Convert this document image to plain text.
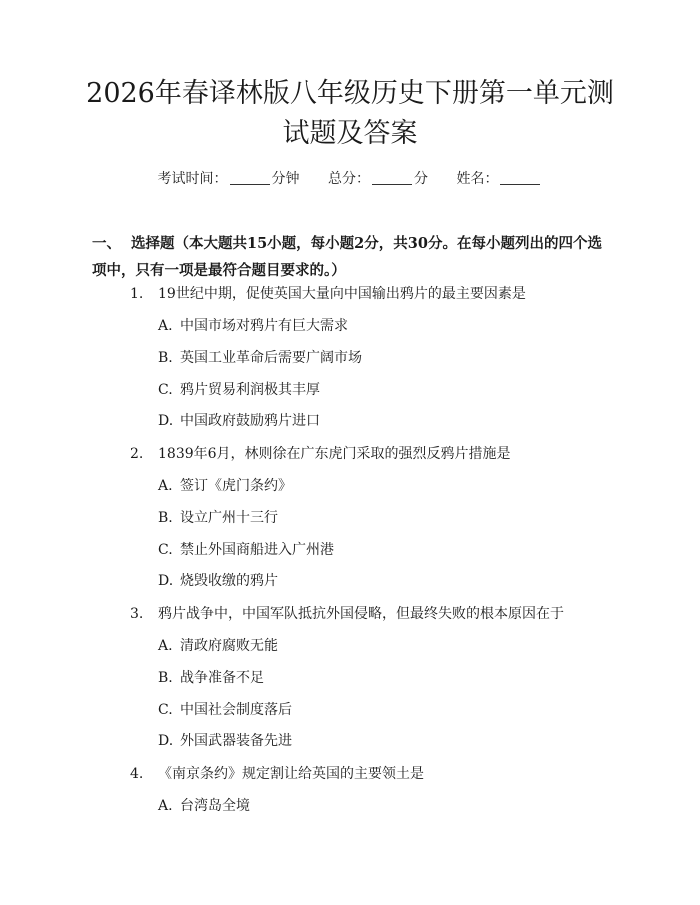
2026年春译林版八年级历史下册第一单元测
试题及答案
考试时间：	分钟 总分：	分 姓名：
一、 选择题（本大题共15小题，每小题2分，共30分。在每小题列出的四个选项中，只有一项是最符合题目要求的。）
1. 19世纪中期，促使英国大量向中国输出鸦片的最主要因素是
A. 中国市场对鸦片有巨大需求
B. 英国工业革命后需要广阔市场
C. 鸦片贸易利润极其丰厚
D. 中国政府鼓励鸦片进口
2. 1839年6月，林则徐在广东虎门采取的强烈反鸦片措施是
A. 签订《虎门条约》
B. 设立广州十三行
C. 禁止外国商船进入广州港
D. 烧毁收缴的鸦片
3. 鸦片战争中，中国军队抵抗外国侵略，但最终失败的根本原因在于
A. 清政府腐败无能
B. 战争准备不足
C. 中国社会制度落后
D. 外国武器装备先进
4. 《南京条约》规定割让给英国的主要领土是
A. 台湾岛全境
